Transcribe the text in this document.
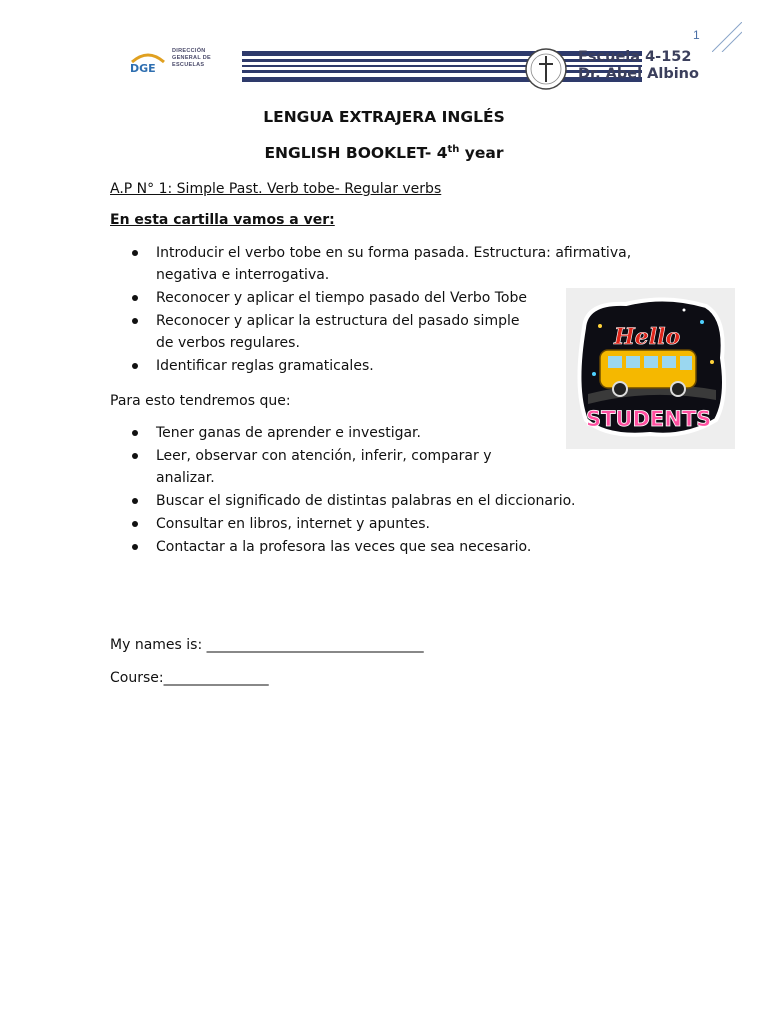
1
DGE
DIRECCIÓN
GENERAL DE
ESCUELAS	Escuela 4-152
Dr. Abel Albino
LENGUA EXTRAJERA INGLÉS
ENGLISH BOOKLET- 4th year
A.P N° 1: Simple Past. Verb tobe- Regular verbs
En esta cartilla vamos a ver:
Introducir el verbo tobe en su forma pasada. Estructura: afirmativa,
negativa e interrogativa.
Reconocer y aplicar el tiempo pasado del Verbo Tobe
Reconocer y aplicar la estructura del pasado simple
de verbos regulares.
Identificar reglas gramaticales.
Para esto tendremos que:
Tener ganas de aprender e investigar.
Leer, observar con atención, inferir, comparar y
analizar.
Buscar el significado de distintas palabras en el diccionario.
Consultar en libros, internet y apuntes.
Contactar a la profesora las veces que sea necesario.
My names is: _______________________________
Course:_______________
Hello
STUDENTS
